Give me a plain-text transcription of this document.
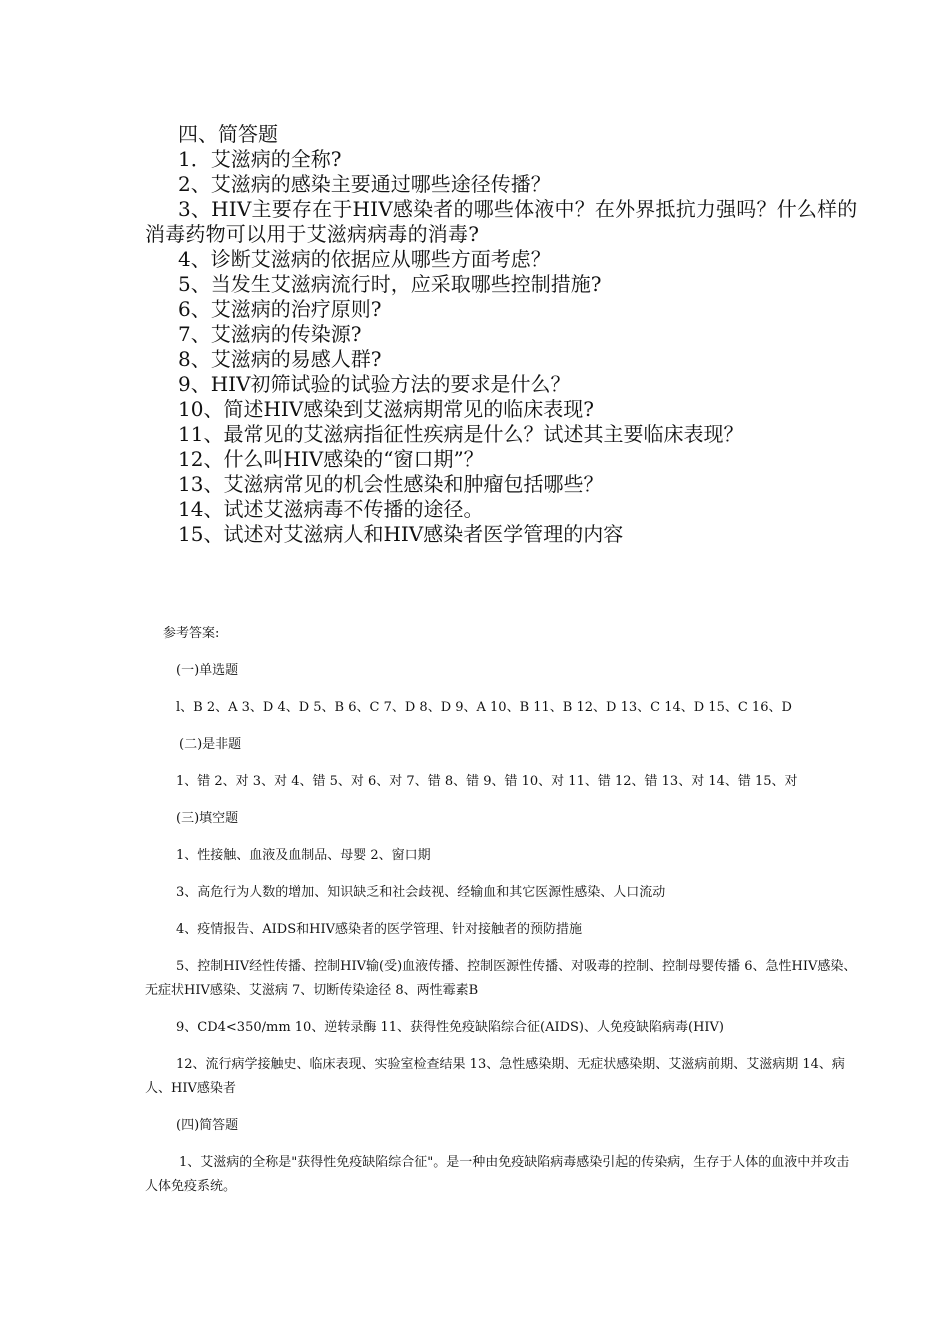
四、简答题

1．艾滋病的全称?

2、艾滋病的感染主要通过哪些途径传播？

3、HIV主要存在于HIV感染者的哪些体液中？在外界抵抗力强吗？什么样的消毒药物可以用于艾滋病病毒的消毒?

4、诊断艾滋病的依据应从哪些方面考虑？

5、当发生艾滋病流行时，应采取哪些控制措施?

6、艾滋病的治疗原则?

7、艾滋病的传染源?

8、艾滋病的易感人群?

9、HIV初筛试验的试验方法的要求是什么？

10、简述HIV感染到艾滋病期常见的临床表现?

11、最常见的艾滋病指征性疾病是什么？试述其主要临床表现？

12、什么叫HIV感染的“窗口期”？

13、艾滋病常见的机会性感染和肿瘤包括哪些？

14、试述艾滋病毒不传播的途径。

15、试述对艾滋病人和HIV感染者医学管理的内容

参考答案:

(一)单选题

l、B 2、A 3、D 4、D 5、B 6、C 7、D 8、D 9、A 10、B 11、B 12、D 13、C 14、D 15、C 16、D

(二)是非题

1、错 2、对 3、对 4、错 5、对 6、对 7、错 8、错 9、错 10、对 11、错 12、错 13、对 14、错 15、对

(三)填空题

1、性接触、血液及血制品、母婴 2、窗口期

3、高危行为人数的增加、知识缺乏和社会歧视、经输血和其它医源性感染、人口流动

4、疫情报告、AIDS和HIV感染者的医学管理、针对接触者的预防措施

5、控制HIV经性传播、控制HIV输(受)血液传播、控制医源性传播、对吸毒的控制、控制母婴传播 6、急性HIV感染、无症状HIV感染、艾滋病 7、切断传染途径 8、两性霉素B

9、CD4<350/mm 10、逆转录酶 11、获得性免疫缺陷综合征(AIDS)、人免疫缺陷病毒(HIV)

12、流行病学接触史、临床表现、实验室检查结果 13、急性感染期、无症状感染期、艾滋病前期、艾滋病期 14、病人、HIV感染者

(四)简答题

1、艾滋病的全称是"获得性免疫缺陷综合征"。是一种由免疫缺陷病毒感染引起的传染病，生存于人体的血液中并攻击人体免疫系统。
